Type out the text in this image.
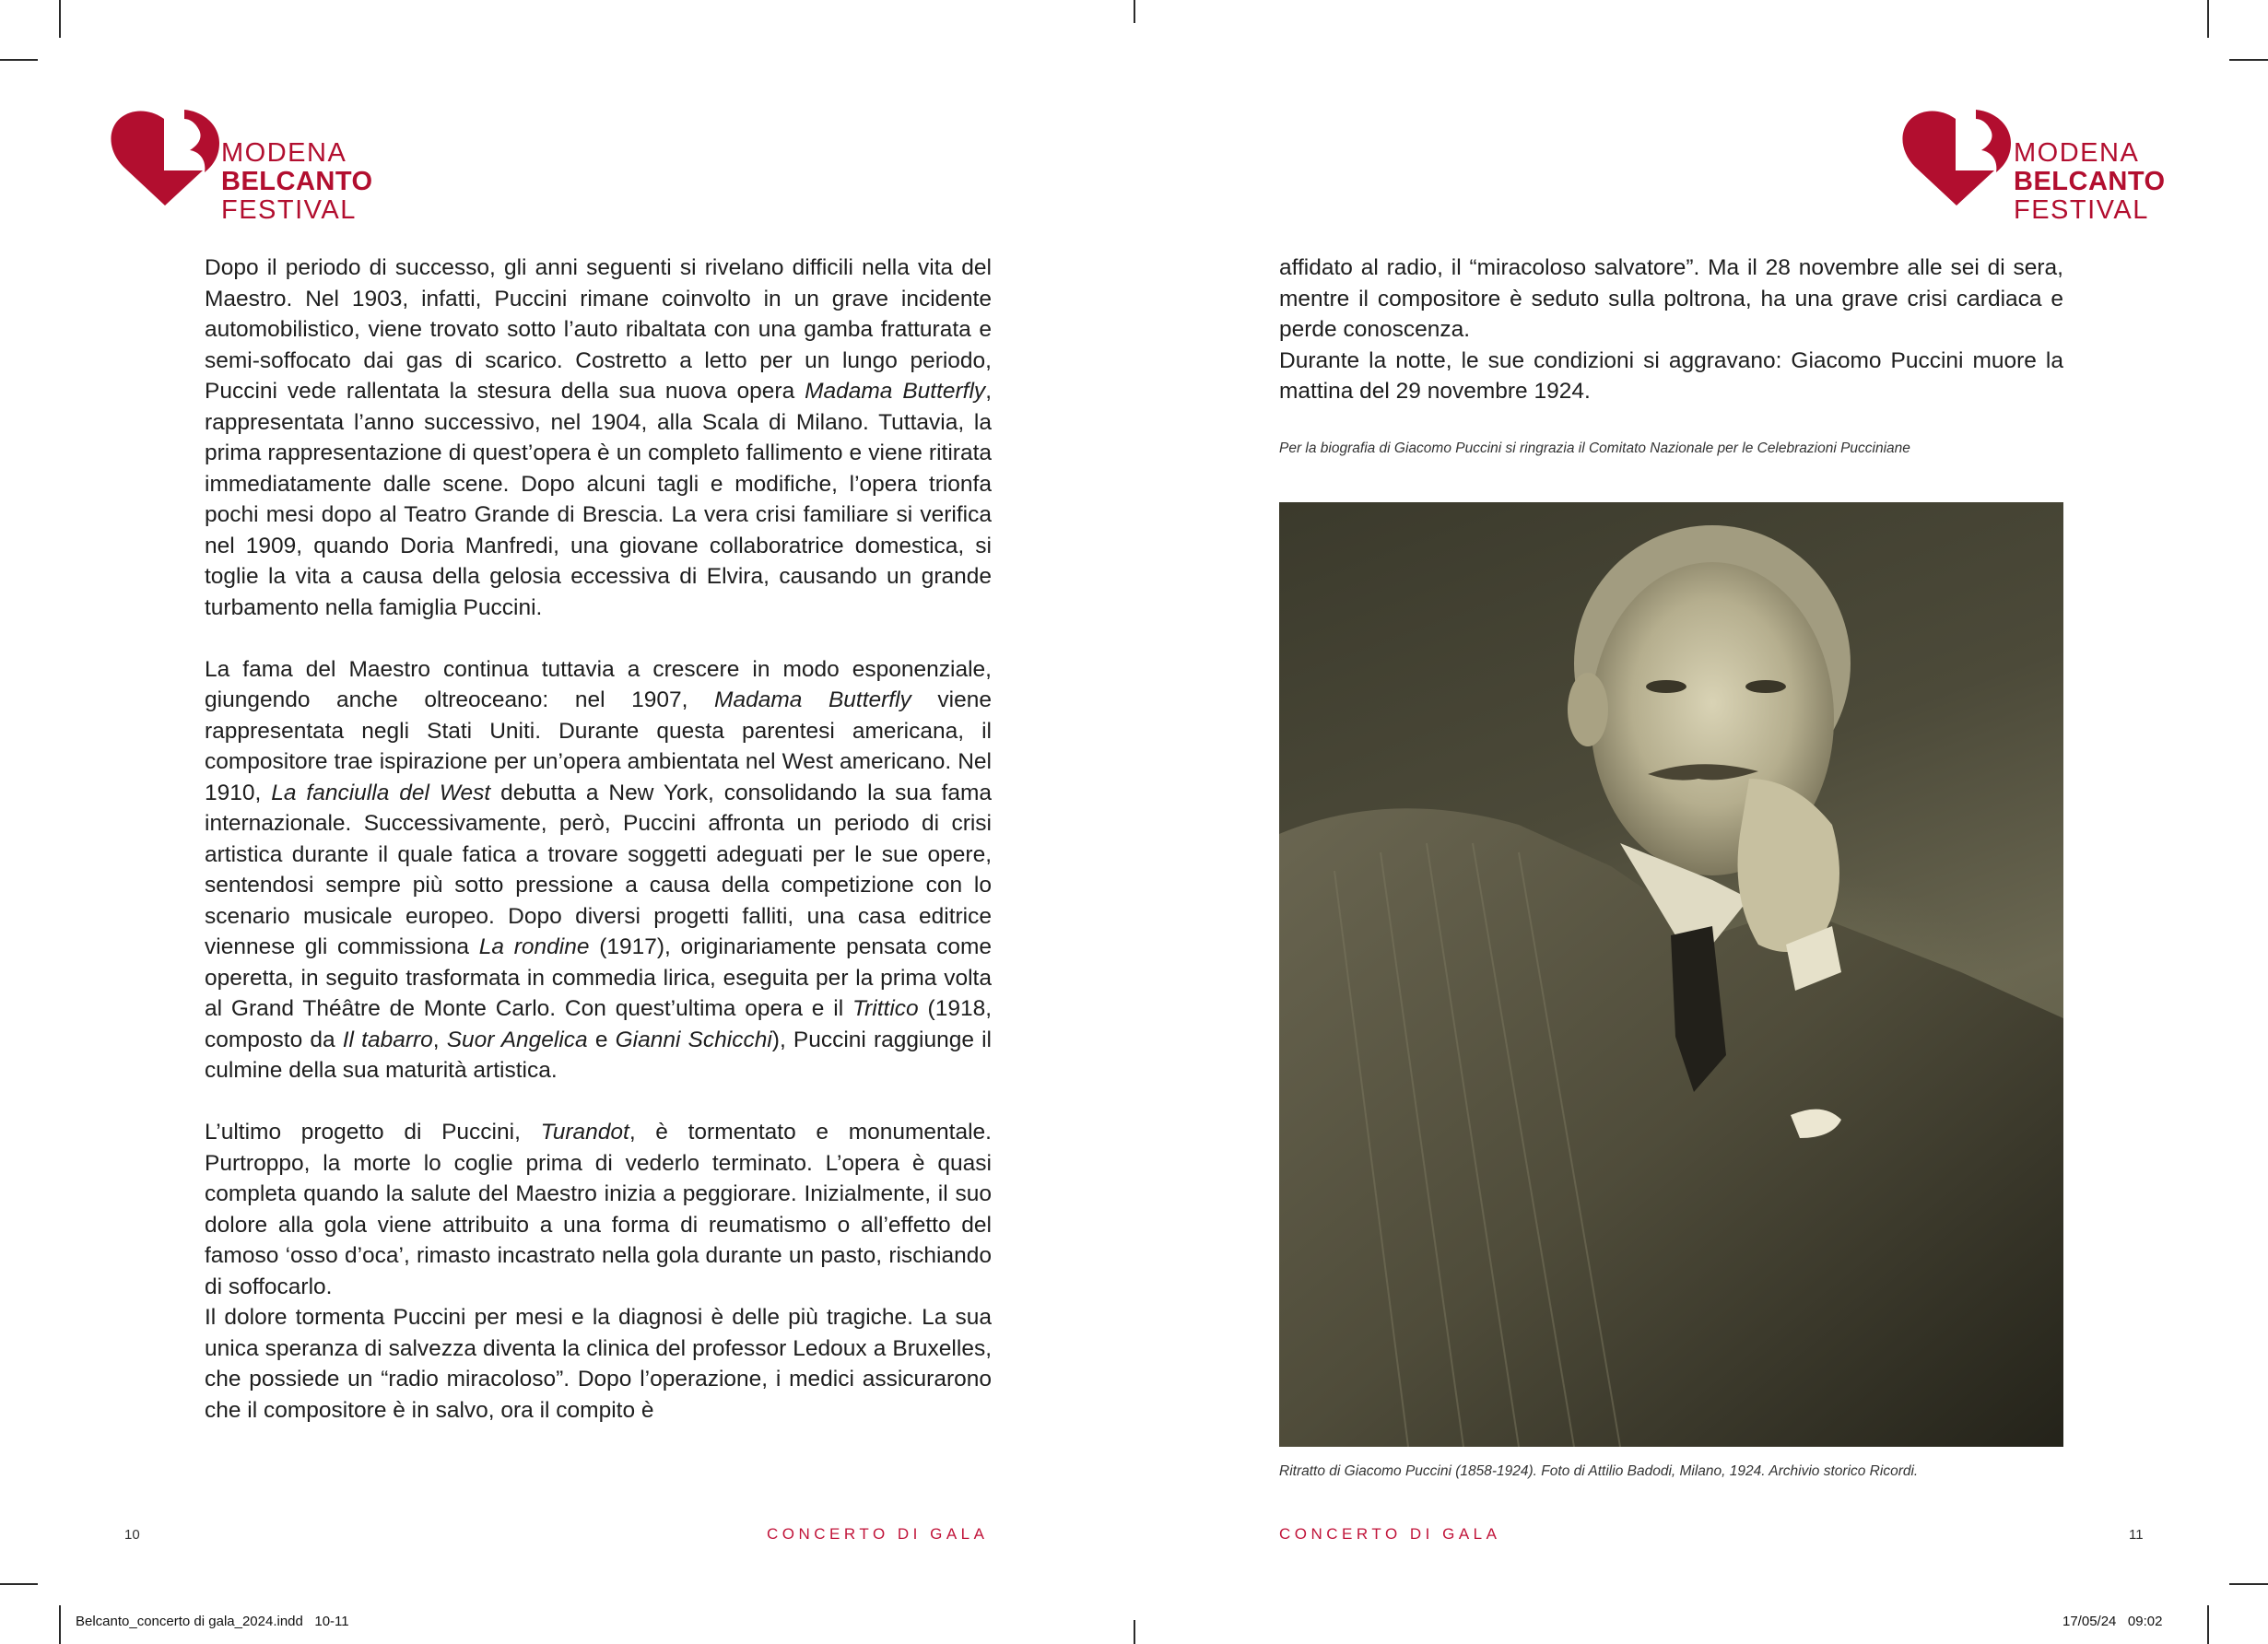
MODENA
BELCANTO
FESTIVAL
MODENA
BELCANTO
FESTIVAL

Dopo il periodo di successo, gli anni seguenti si rivelano difficili nella vita del Maestro. Nel 1903, infatti, Puccini rimane coinvolto in un grave incidente automobilistico, viene trovato sotto l’auto ribaltata con una gamba fratturata e semi-soffocato dai gas di scarico. Costretto a letto per un lungo periodo, Puccini vede rallentata la stesura della sua nuova opera Madama Butterfly, rappresentata l’anno successivo, nel 1904, alla Scala di Milano. Tuttavia, la prima rappresentazione di quest’opera è un completo fallimento e viene ritirata immediatamente dalle scene. Dopo alcuni tagli e modifiche, l’opera trionfa pochi mesi dopo al Teatro Grande di Brescia. La vera crisi familiare si verifica nel 1909, quando Doria Manfredi, una giovane collaboratrice domestica, si toglie la vita a causa della gelosia eccessiva di Elvira, causando un grande turbamento nella famiglia Puccini.

La fama del Maestro continua tuttavia a crescere in modo esponenziale, giungendo anche oltreoceano: nel 1907, Madama Butterfly viene rappresentata negli Stati Uniti. Durante questa parentesi americana, il compositore trae ispirazione per un’opera ambientata nel West americano. Nel 1910, La fanciulla del West debutta a New York, consolidando la sua fama internazionale. Successivamente, però, Puccini affronta un periodo di crisi artistica durante il quale fatica a trovare soggetti adeguati per le sue opere, sentendosi sempre più sotto pressione a causa della competizione con lo scenario musicale europeo. Dopo diversi progetti falliti, una casa editrice viennese gli commissiona La rondine (1917), originariamente pensata come operetta, in seguito trasformata in commedia lirica, eseguita per la prima volta al Grand Théâtre de Monte Carlo. Con quest’ultima opera e il Trittico (1918, composto da Il tabarro, Suor Angelica e Gianni Schicchi), Puccini raggiunge il culmine della sua maturità artistica.

L’ultimo progetto di Puccini, Turandot, è tormentato e monumentale. Purtroppo, la morte lo coglie prima di vederlo terminato. L’opera è quasi completa quando la salute del Maestro inizia a peggiorare. Inizialmente, il suo dolore alla gola viene attribuito a una forma di reumatismo o all’effetto del famoso ‘osso d’oca’, rimasto incastrato nella gola durante un pasto, rischiando di soffocarlo.

Il dolore tormenta Puccini per mesi e la diagnosi è delle più tragiche. La sua unica speranza di salvezza diventa la clinica del professor Ledoux a Bruxelles, che possiede un “radio miracoloso”. Dopo l’operazione, i medici assicurarono che il compositore è in salvo, ora il compito è

affidato al radio, il “miracoloso salvatore”. Ma il 28 novembre alle sei di sera, mentre il compositore è seduto sulla poltrona, ha una grave crisi cardiaca e perde conoscenza.

Durante la notte, le sue condizioni si aggravano: Giacomo Puccini muore la mattina del 29 novembre 1924.

Per la biografia di Giacomo Puccini si ringrazia il Comitato Nazionale per le Celebrazioni Pucciniane
Ritratto di Giacomo Puccini (1858-1924). Foto di Attilio Badodi, Milano, 1924. Archivio storico Ricordi.
10	CONCERTO DI GALA	CONCERTO DI GALA	11
Belcanto_concerto di gala_2024.indd   10-11	17/05/24   09:02
